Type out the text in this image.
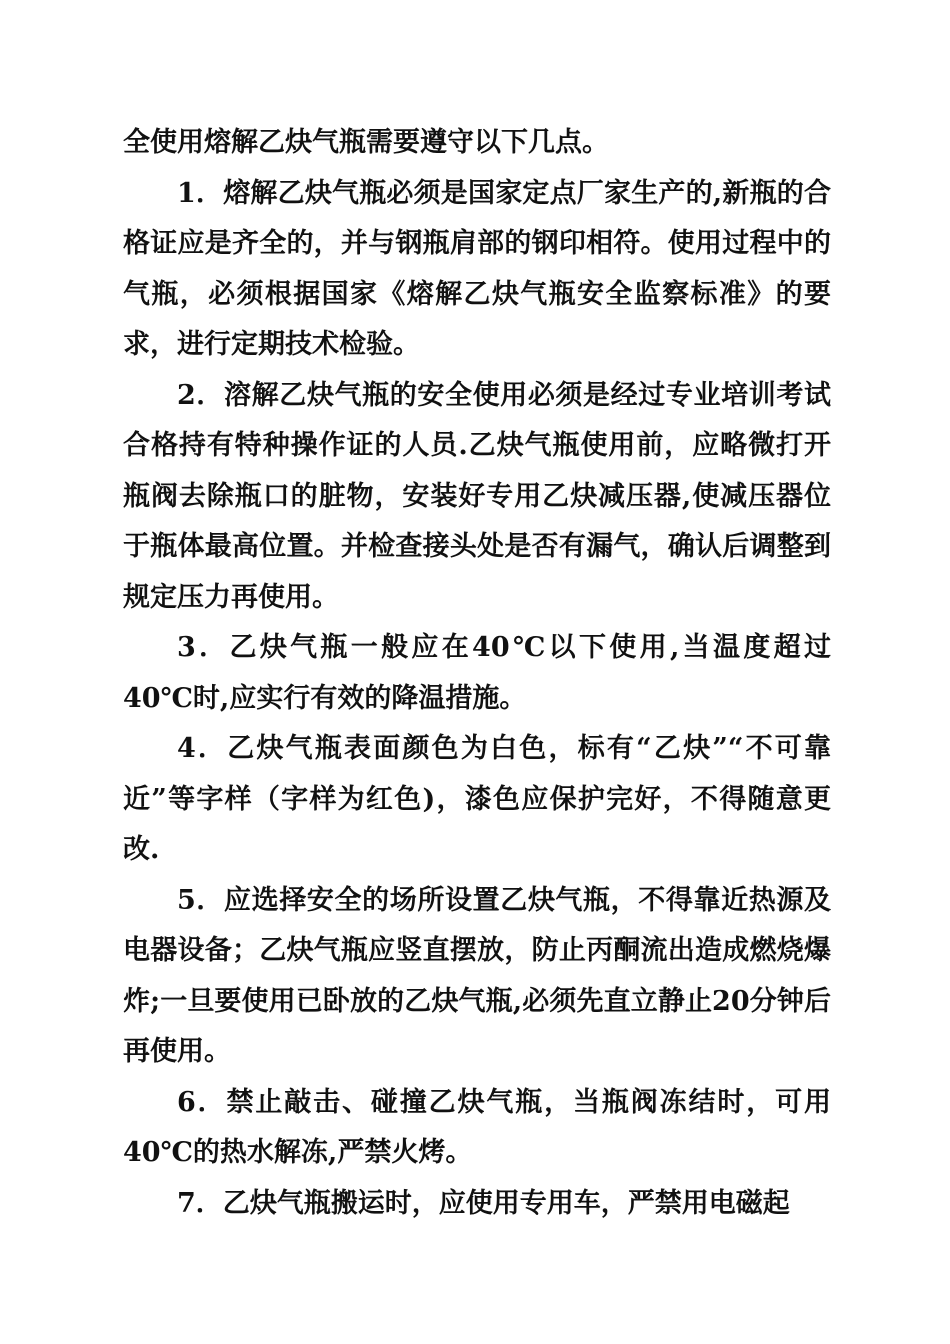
全使用熔解乙炔气瓶需要遵守以下几点。

1．熔解乙炔气瓶必须是国家定点厂家生产的,新瓶的合格证应是齐全的，并与钢瓶肩部的钢印相符。使用过程中的气瓶，必须根据国家《熔解乙炔气瓶安全监察标准》的要求，进行定期技术检验。

2．溶解乙炔气瓶的安全使用必须是经过专业培训考试合格持有特种操作证的人员.乙炔气瓶使用前，应略微打开瓶阀去除瓶口的脏物，安装好专用乙炔减压器,使减压器位于瓶体最高位置。并检查接头处是否有漏气，确认后调整到规定压力再使用。

3．乙炔气瓶一般应在40℃以下使用,当温度超过40℃时,应实行有效的降温措施。

4．乙炔气瓶表面颜色为白色，标有“乙炔”“不可靠近”等字样（字样为红色)，漆色应保护完好，不得随意更改.

5．应选择安全的场所设置乙炔气瓶，不得靠近热源及电器设备；乙炔气瓶应竖直摆放，防止丙酮流出造成燃烧爆炸;一旦要使用已卧放的乙炔气瓶,必须先直立静止20分钟后再使用。

6．禁止敲击、碰撞乙炔气瓶，当瓶阀冻结时，可用40℃的热水解冻,严禁火烤。

7．乙炔气瓶搬运时，应使用专用车，严禁用电磁起
